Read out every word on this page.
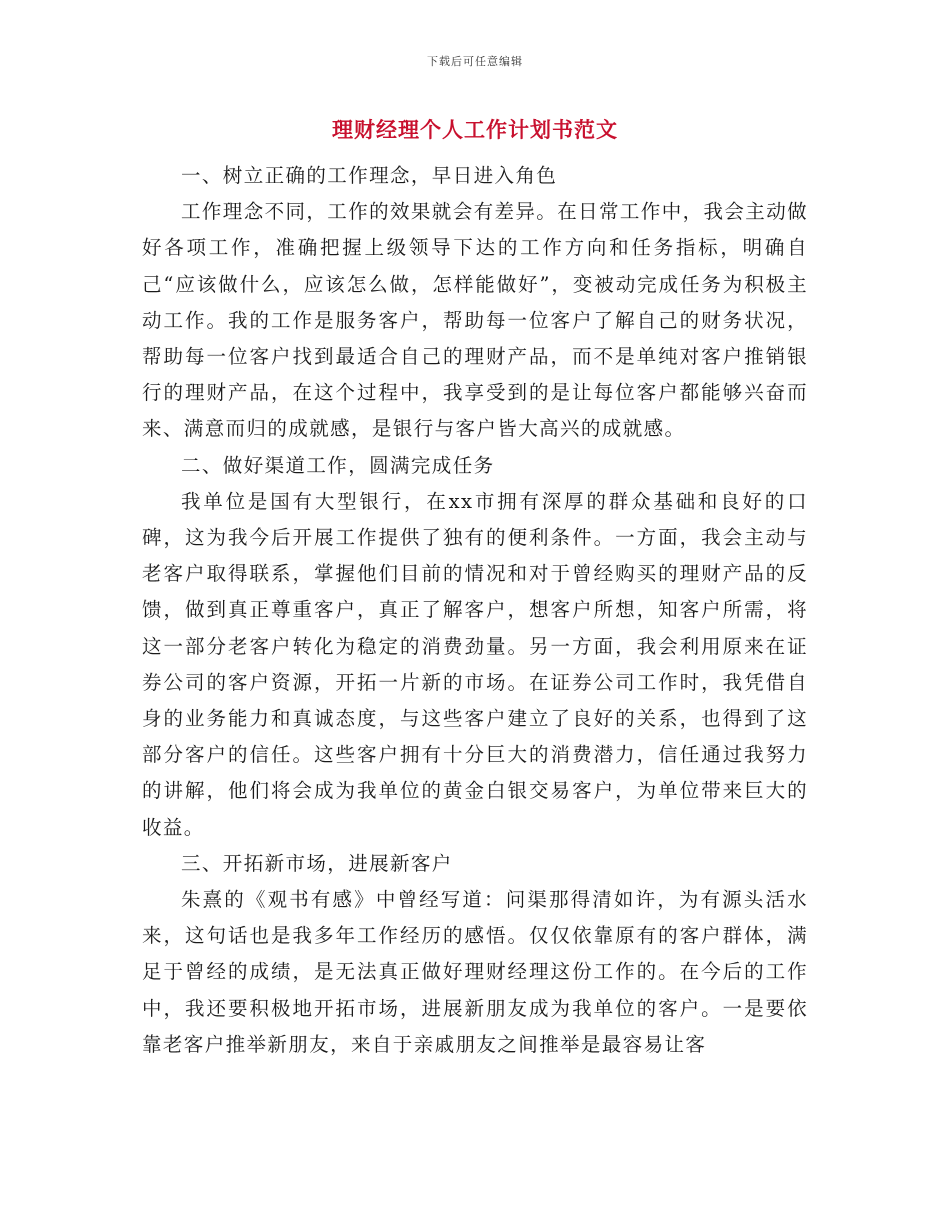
下载后可任意编辑
理财经理个人工作计划书范文

一、树立正确的工作理念，早日进入角色

工作理念不同，工作的效果就会有差异。在日常工作中，我会主动做好各项工作，准确把握上级领导下达的工作方向和任务指标，明确自己“应该做什么，应该怎么做，怎样能做好”，变被动完成任务为积极主动工作。我的工作是服务客户，帮助每一位客户了解自己的财务状况，帮助每一位客户找到最适合自己的理财产品，而不是单纯对客户推销银行的理财产品，在这个过程中，我享受到的是让每位客户都能够兴奋而来、满意而归的成就感，是银行与客户皆大高兴的成就感。

二、做好渠道工作，圆满完成任务

我单位是国有大型银行，在xx市拥有深厚的群众基础和良好的口碑，这为我今后开展工作提供了独有的便利条件。一方面，我会主动与老客户取得联系，掌握他们目前的情况和对于曾经购买的理财产品的反馈，做到真正尊重客户，真正了解客户，想客户所想，知客户所需，将这一部分老客户转化为稳定的消费劲量。另一方面，我会利用原来在证券公司的客户资源，开拓一片新的市场。在证券公司工作时，我凭借自身的业务能力和真诚态度，与这些客户建立了良好的关系，也得到了这部分客户的信任。这些客户拥有十分巨大的消费潜力，信任通过我努力的讲解，他们将会成为我单位的黄金白银交易客户，为单位带来巨大的收益。

三、开拓新市场，进展新客户

朱熹的《观书有感》中曾经写道：问渠那得清如许，为有源头活水来，这句话也是我多年工作经历的感悟。仅仅依靠原有的客户群体，满足于曾经的成绩，是无法真正做好理财经理这份工作的。在今后的工作中，我还要积极地开拓市场，进展新朋友成为我单位的客户。一是要依靠老客户推举新朋友，来自于亲戚朋友之间推举是最容易让客
